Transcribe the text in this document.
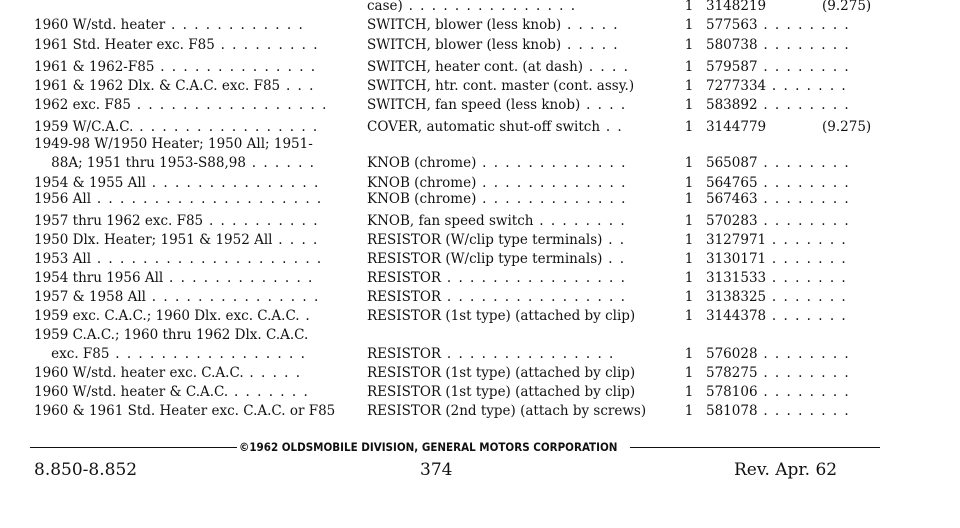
case) . . . . . . . . . . . . . . .	1 3148219	(9.275)
1960 W/std. heater . . . . . . . . . . . .	SWITCH, blower (less knob) . . . . .	1 577563 . . . . . . . .
1961 Std. Heater exc. F85 . . . . . . . . .	SWITCH, blower (less knob) . . . . .	1 580738 . . . . . . . .
1961 & 1962-F85 . . . . . . . . . . . . . .	SWITCH, heater cont. (at dash) . . . .	1 579587 . . . . . . . .
1961 & 1962 Dlx. & C.A.C. exc. F85 . . .	SWITCH, htr. cont. master (cont. assy.)	1 7277334 . . . . . . .
1962 exc. F85 . . . . . . . . . . . . . . . . .	SWITCH, fan speed (less knob) . . . .	1 583892 . . . . . . . .
1959 W/C.A.C. . . . . . . . . . . . . . . . .	COVER, automatic shut-off switch . .	1 3144779	(9.275)
1949-98 W/1950 Heater; 1950 All; 1951-
88A; 1951 thru 1953-S88,98 . . . . . .	KNOB (chrome) . . . . . . . . . . . . .	1 565087 . . . . . . . .
1954 & 1955 All . . . . . . . . . . . . . . .	KNOB (chrome) . . . . . . . . . . . . .	1 564765 . . . . . . . .
1956 All . . . . . . . . . . . . . . . . . . . .	KNOB (chrome) . . . . . . . . . . . . .	1 567463 . . . . . . . .
1957 thru 1962 exc. F85 . . . . . . . . . .	KNOB, fan speed switch . . . . . . . .	1 570283 . . . . . . . .
1950 Dlx. Heater; 1951 & 1952 All . . . .	RESISTOR (W/clip type terminals) . .	1 3127971 . . . . . . .
1953 All . . . . . . . . . . . . . . . . . . . .	RESISTOR (W/clip type terminals) . .	1 3130171 . . . . . . .
1954 thru 1956 All . . . . . . . . . . . . .	RESISTOR . . . . . . . . . . . . . . . .	1 3131533 . . . . . . .
1957 & 1958 All . . . . . . . . . . . . . . .	RESISTOR . . . . . . . . . . . . . . . .	1 3138325 . . . . . . .
1959 exc. C.A.C.; 1960 Dlx. exc. C.A.C. .	RESISTOR (1st type) (attached by clip)	1 3144378 . . . . . . .
1959 C.A.C.; 1960 thru 1962 Dlx. C.A.C.
exc. F85 . . . . . . . . . . . . . . . . .	RESISTOR . . . . . . . . . . . . . . .	1 576028 . . . . . . . .
1960 W/std. heater exc. C.A.C. . . . . .	RESISTOR (1st type) (attached by clip)	1 578275 . . . . . . . .
1960 W/std. heater & C.A.C. . . . . . . .	RESISTOR (1st type) (attached by clip)	1 578106 . . . . . . . .
1960 & 1961 Std. Heater exc. C.A.C. or F85	RESISTOR (2nd type) (attach by screws)	1 581078 . . . . . . . .
©1962 OLDSMOBILE DIVISION, GENERAL MOTORS CORPORATION
8.850-8.852	374	Rev. Apr. 62
